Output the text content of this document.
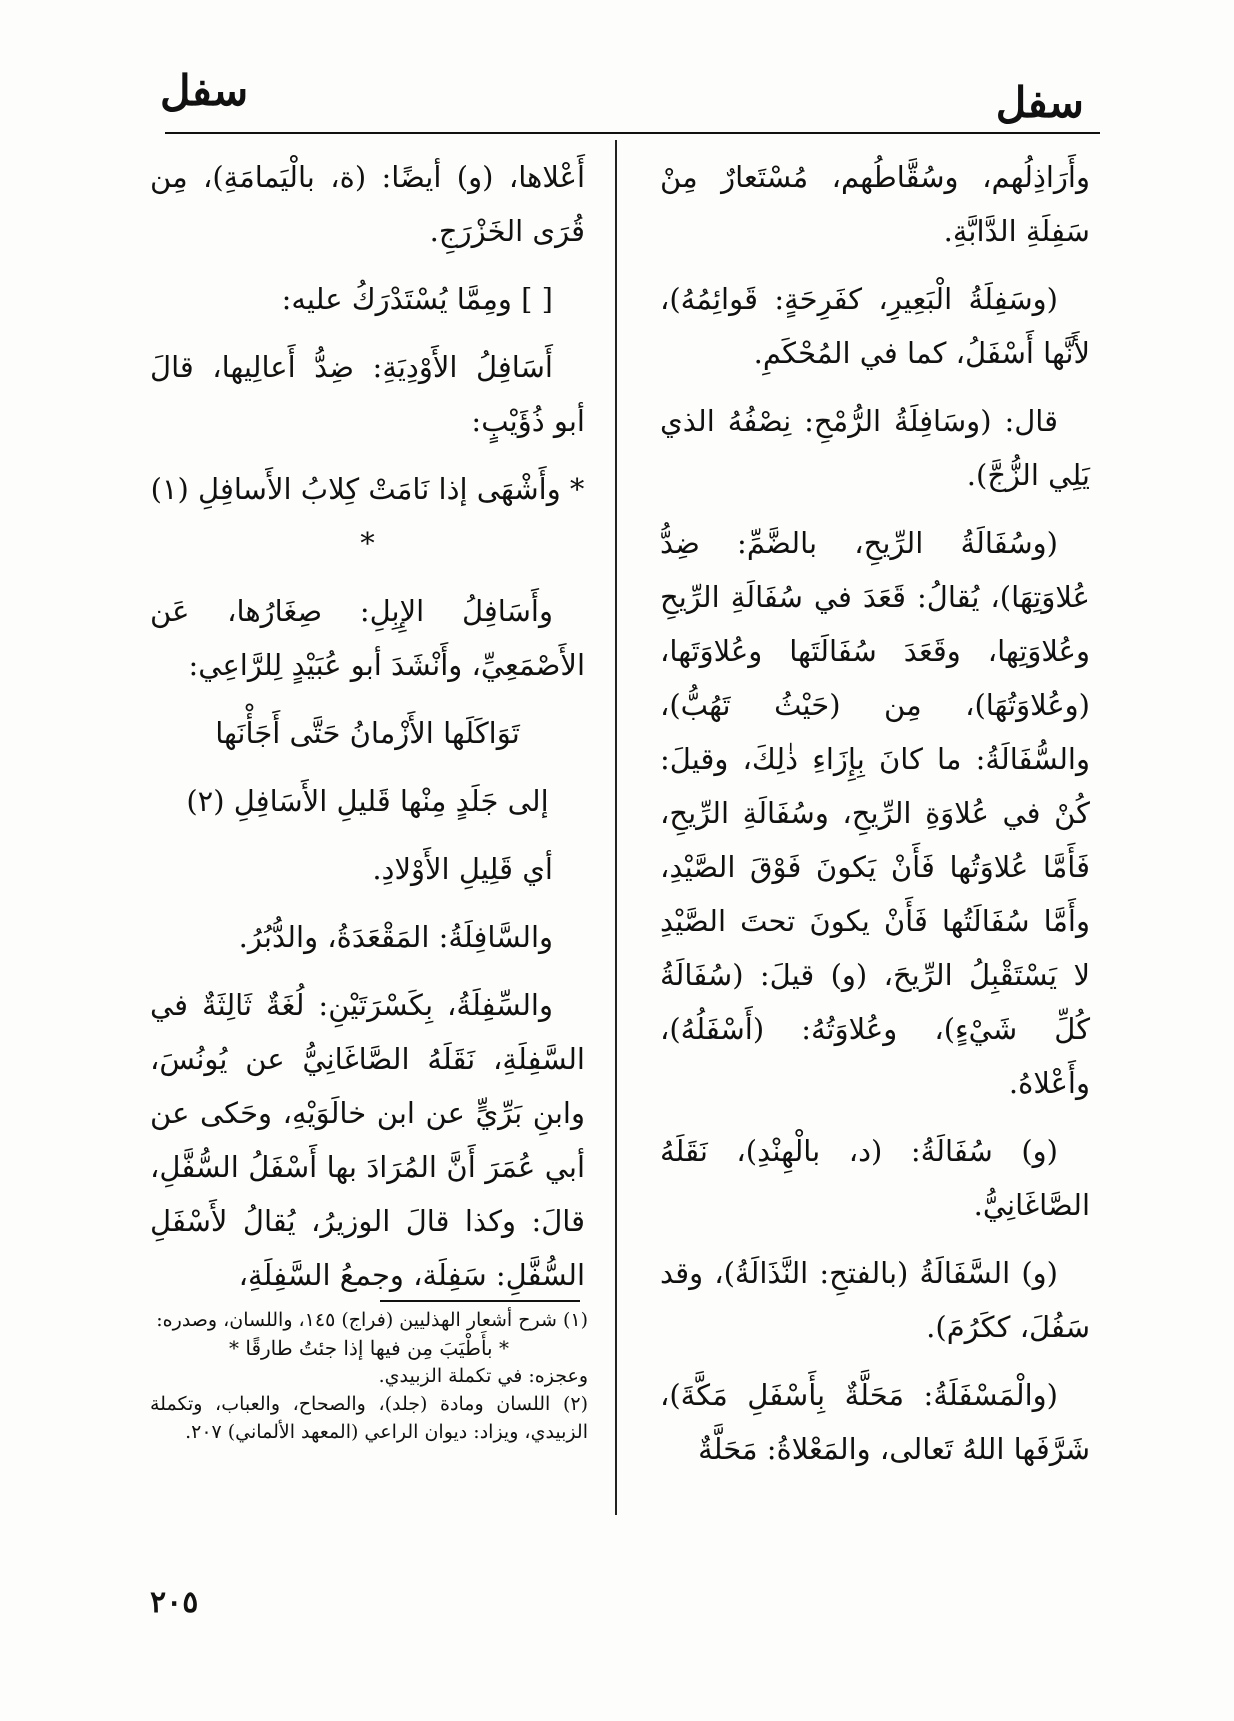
سفل
سفل

وأَرَاذِلُهم، وسُقَّاطُهم، مُسْتَعارٌ مِنْ سَفِلَةِ الدَّابَّةِ.

(وسَفِلَةُ الْبَعِيرِ، كفَرِحَةٍ: قَوائِمُهُ)، لأَنَّها أَسْفَلُ، كما في المُحْكَمِ.

قال: (وسَافِلَةُ الرُّمْحِ: نِصْفُهُ الذي يَلِي الزُّجَّ).

(وسُفَالَةُ الرِّيحِ، بالضَّمِّ: ضِدُّ عُلاوَتِهَا)، يُقالُ: قَعَدَ في سُفَالَةِ الرِّيحِ وعُلاوَتِها، وقَعَدَ سُفَالَتَها وعُلاوَتَها، (وعُلاوَتُهَا)، مِن (حَيْثُ تَهُبُّ)، والسُّفَالَةُ: ما كانَ بِإِزَاءِ ذٰلِكَ، وقيلَ: كُنْ في عُلاوَةِ الرِّيحِ، وسُفَالَةِ الرِّيحِ، فَأَمَّا عُلاوَتُها فَأَنْ يَكونَ فَوْقَ الصَّيْدِ، وأَمَّا سُفَالَتُها فَأَنْ يكونَ تحتَ الصَّيْدِ لا يَسْتَقْبِلُ الرِّيحَ، (و) قيلَ: (سُفَالَةُ كُلِّ شَيْءٍ)، وعُلاوَتُهُ: (أَسْفَلُهُ)، وأَعْلاهُ.

(و) سُفَالَةُ: (د، بالْهِنْدِ)، نَقَلَهُ الصَّاغَانِيُّ.

(و) السَّفَالَةُ (بالفتحِ: النَّذَالَةُ)، وقد سَفُلَ، ككَرُمَ).

(والْمَسْفَلَةُ: مَحَلَّةٌ بِأَسْفَلِ مَكَّةَ)، شَرَّفَها اللهُ تَعالى، والمَعْلاةُ: مَحَلَّةٌ

أَعْلاها، (و) أيضًا: (ة، بالْيَمامَةِ)، مِن قُرَى الخَزْرَجِ.

[ ] ومِمَّا يُسْتَدْرَكُ عليه:

أَسَافِلُ الأَوْدِيَةِ: ضِدُّ أَعالِيها، قالَ أبو ذُؤَيْبٍ:

* وأَشْهَى إذا نَامَتْ كِلابُ الأَسافِلِ (١) *

وأَسَافِلُ الإِبِلِ: صِغَارُها، عَن الأَصْمَعِيِّ، وأَنْشَدَ أبو عُبَيْدٍ لِلرَّاعِي:

تَوَاكَلَها الأَزْمانُ حَتَّى أَجَأْنَها

إلى جَلَدٍ مِنْها قَليلِ الأَسَافِلِ (٢)

أي قَلِيلِ الأَوْلادِ.

والسَّافِلَةُ: المَقْعَدَةُ، والدُّبُرُ.

والسِّفِلَةُ، بِكَسْرَتَيْنِ: لُغَةٌ ثَالِثَةٌ في السَّفِلَةِ، نَقَلَهُ الصَّاغَانِيُّ عن يُونُسَ، وابنِ بَرِّيٍّ عن ابن خالَوَيْهِ، وحَكى عن أبي عُمَرَ أَنَّ المُرَادَ بها أَسْفَلُ السُّفَّلِ، قالَ: وكذا قالَ الوزيرُ، يُقالُ لأَسْفَلِ السُّفَّلِ: سَفِلَة، وجمعُ السَّفِلَةِ،

(١) شرح أشعار الهذليين (فراج) ١٤٥، واللسان، وصدره:

* بأَطْيَبَ مِن فيها إذا جئتُ طارقًا *

وعجزه: في تكملة الزبيدي.

(٢) اللسان ومادة (جلد)، والصحاح، والعباب، وتكملة الزبيدي، ويزاد: ديوان الراعي (المعهد الألماني) ٢٠٧.

٢٠٥
